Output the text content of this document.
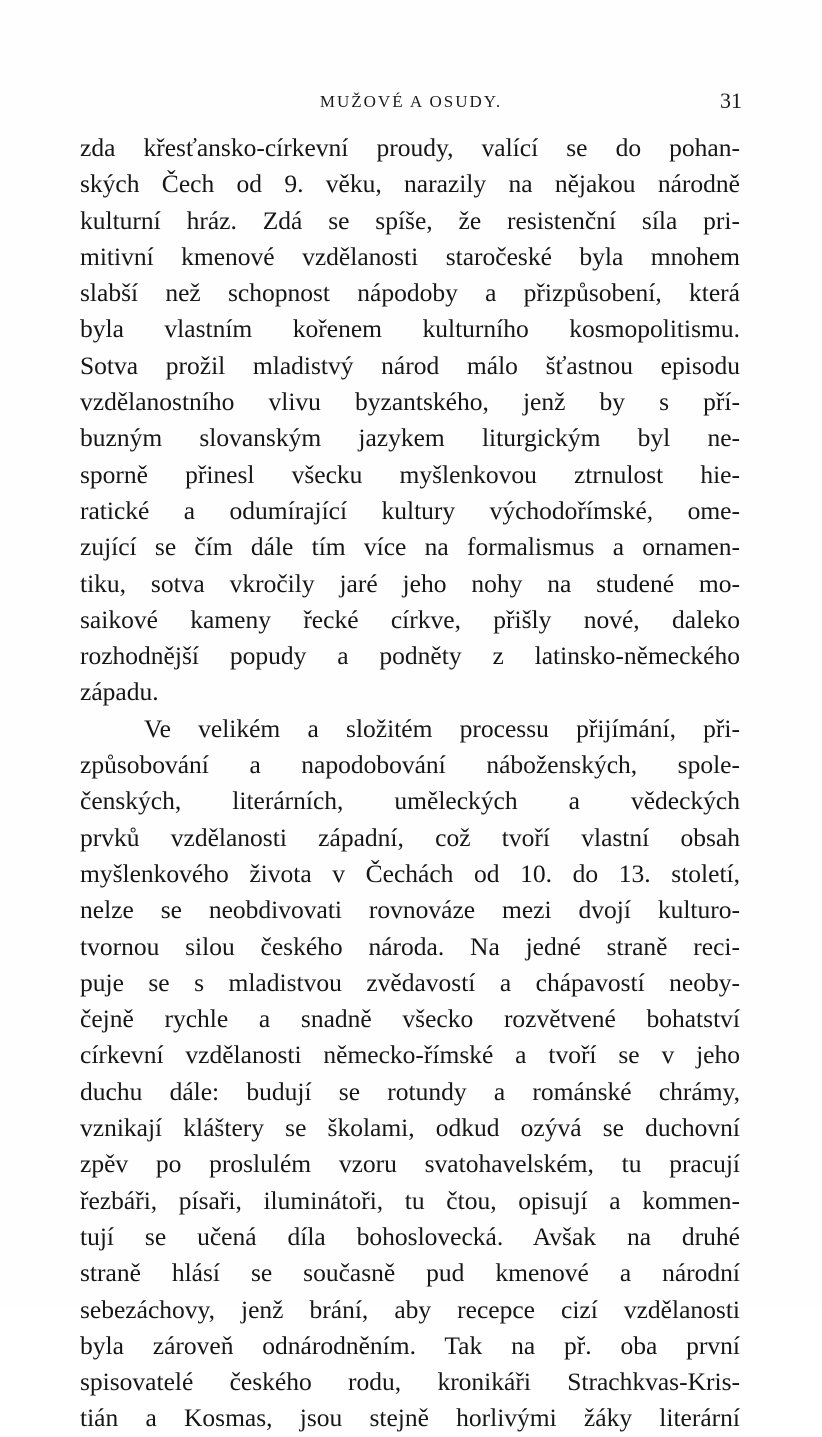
MUŽOVÉ A OSUDY.	31
zda křesťansko-církevní proudy, valící se do pohan-
ských Čech od 9. věku, narazily na nějakou národně
kulturní hráz. Zdá se spíše, že resistenční síla pri-
mitivní kmenové vzdělanosti staročeské byla mnohem
slabší než schopnost nápodoby a přizpůsobení, která
byla vlastním kořenem kulturního kosmopolitismu.
Sotva prožil mladistvý národ málo šťastnou episodu
vzdělanostního vlivu byzantského, jenž by s pří-
buzným slovanským jazykem liturgickým byl ne-
sporně přinesl všecku myšlenkovou ztrnulost hie-
ratické a odumírající kultury východořímské, ome-
zující se čím dále tím více na formalismus a ornamen-
tiku, sotva vkročily jaré jeho nohy na studené mo-
saikové kameny řecké církve, přišly nové, daleko
rozhodnější popudy a podněty z latinsko-německého
západu.
Ve velikém a složitém processu přijímání, při-
způsobování a napodobování náboženských, spole-
čenských, literárních, uměleckých a vědeckých
prvků vzdělanosti západní, což tvoří vlastní obsah
myšlenkového života v Čechách od 10. do 13. století,
nelze se neobdivovati rovnováze mezi dvojí kulturo-
tvornou silou českého národa. Na jedné straně reci-
puje se s mladistvou zvědavostí a chápavostí neoby-
čejně rychle a snadně všecko rozvětvené bohatství
církevní vzdělanosti německo-římské a tvoří se v jeho
duchu dále: budují se rotundy a románské chrámy,
vznikají kláštery se školami, odkud ozývá se duchovní
zpěv po proslulém vzoru svatohavelském, tu pracují
řezbáři, písaři, iluminátoři, tu čtou, opisují a kommen-
tují se učená díla bohoslovecká. Avšak na druhé
straně hlásí se současně pud kmenové a národní
sebezáchovy, jenž brání, aby recepce cizí vzdělanosti
byla zároveň odnárodněním. Tak na př. oba první
spisovatelé českého rodu, kronikáři Strachkvas-Kris-
tián a Kosmas, jsou stejně horlivými žáky literární
